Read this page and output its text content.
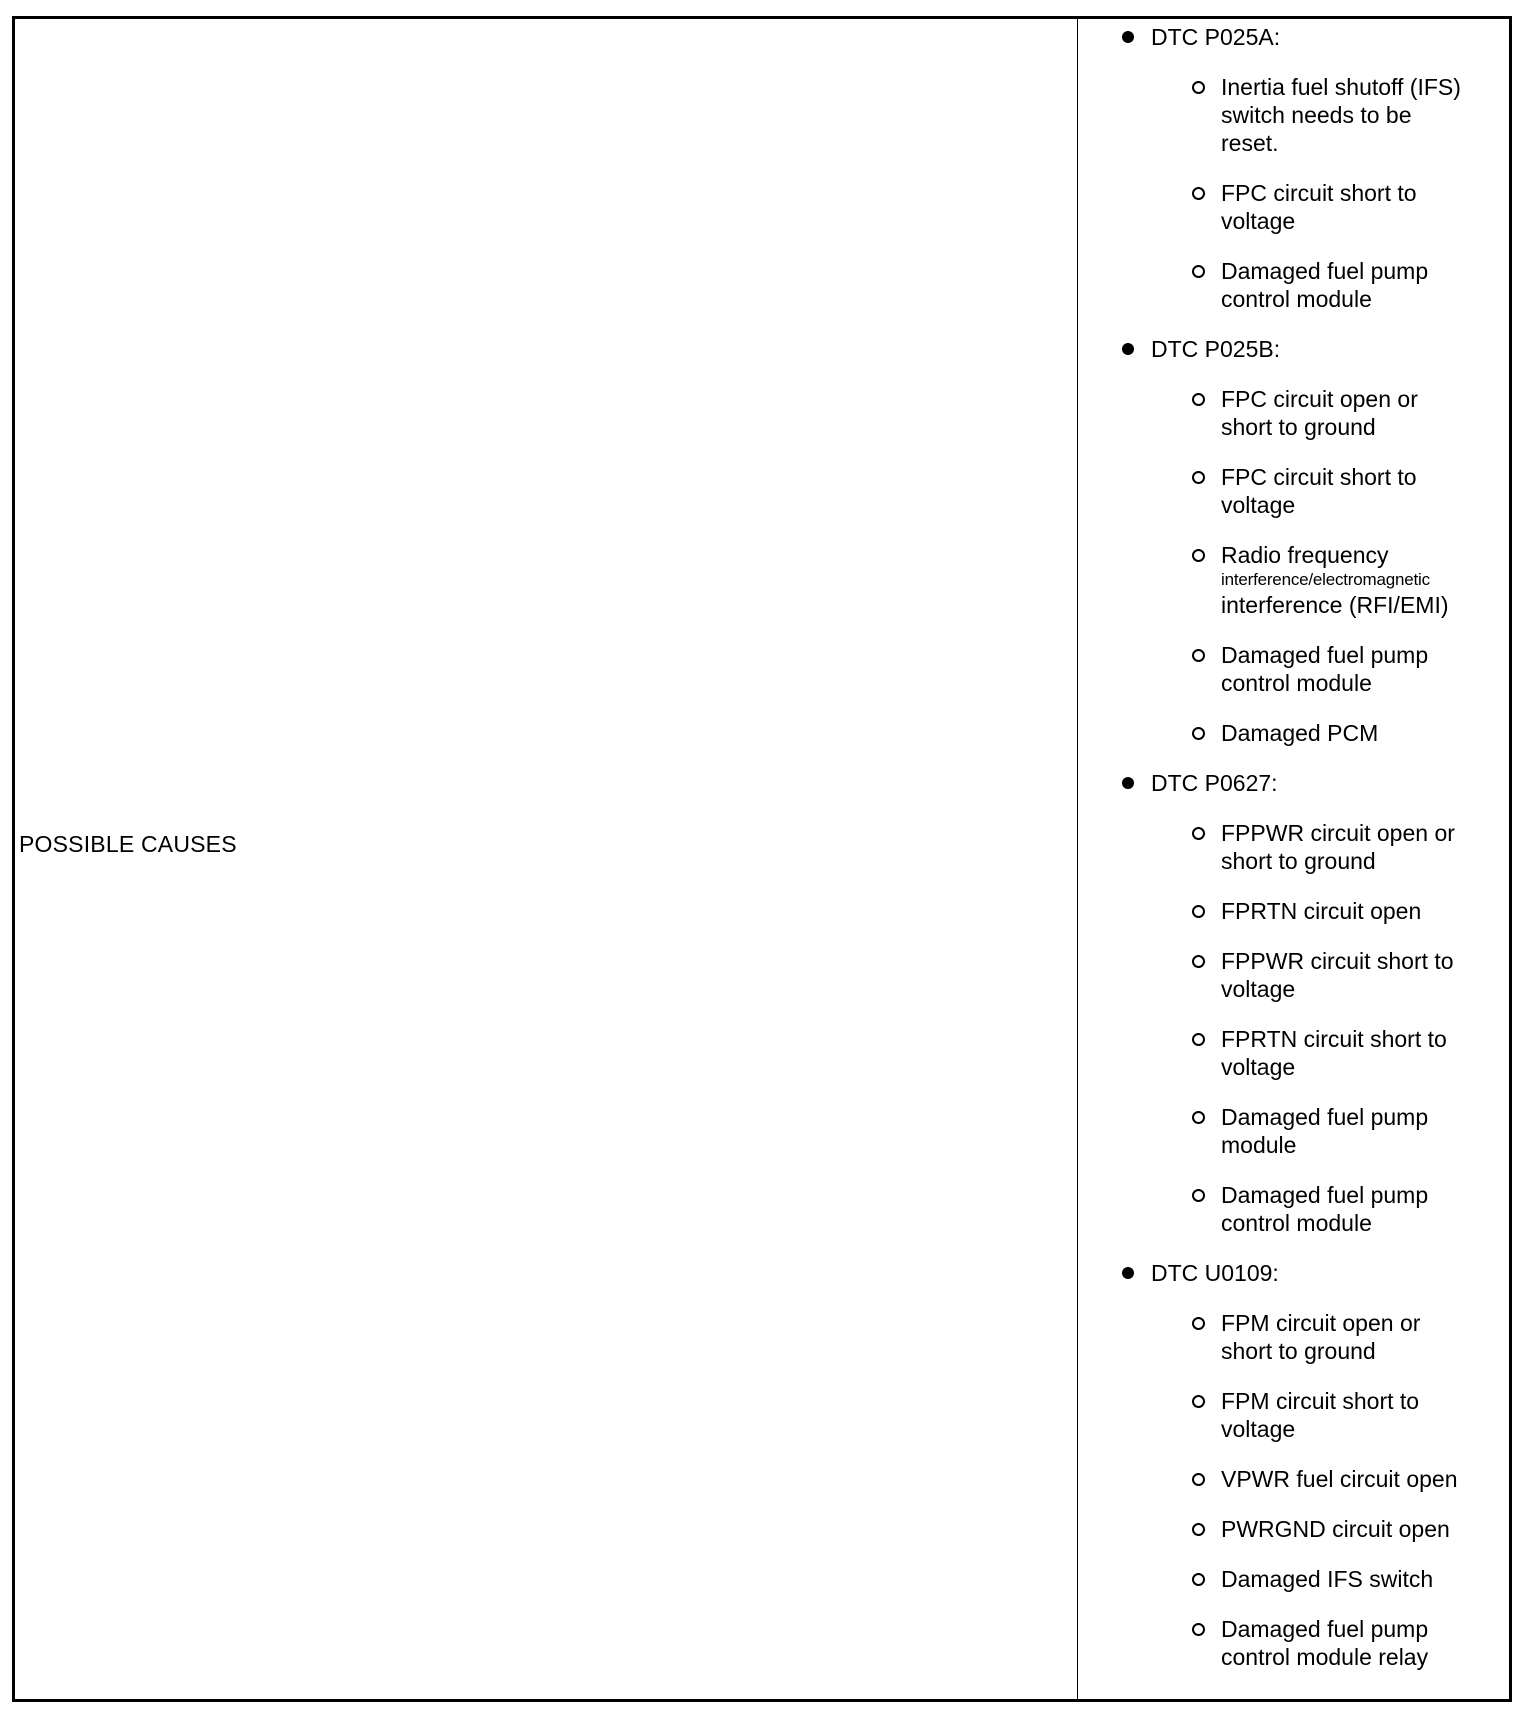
POSSIBLE CAUSES
DTC P025A:
Inertia fuel shutoff (IFS)
switch needs to be
reset.
FPC circuit short to
voltage
Damaged fuel pump
control module
DTC P025B:
FPC circuit open or
short to ground
FPC circuit short to
voltage
Radio frequency
interference/electromagnetic
interference (RFI/EMI)
Damaged fuel pump
control module
Damaged PCM
DTC P0627:
FPPWR circuit open or
short to ground
FPRTN circuit open
FPPWR circuit short to
voltage
FPRTN circuit short to
voltage
Damaged fuel pump
module
Damaged fuel pump
control module
DTC U0109:
FPM circuit open or
short to ground
FPM circuit short to
voltage
VPWR fuel circuit open
PWRGND circuit open
Damaged IFS switch
Damaged fuel pump
control module relay
